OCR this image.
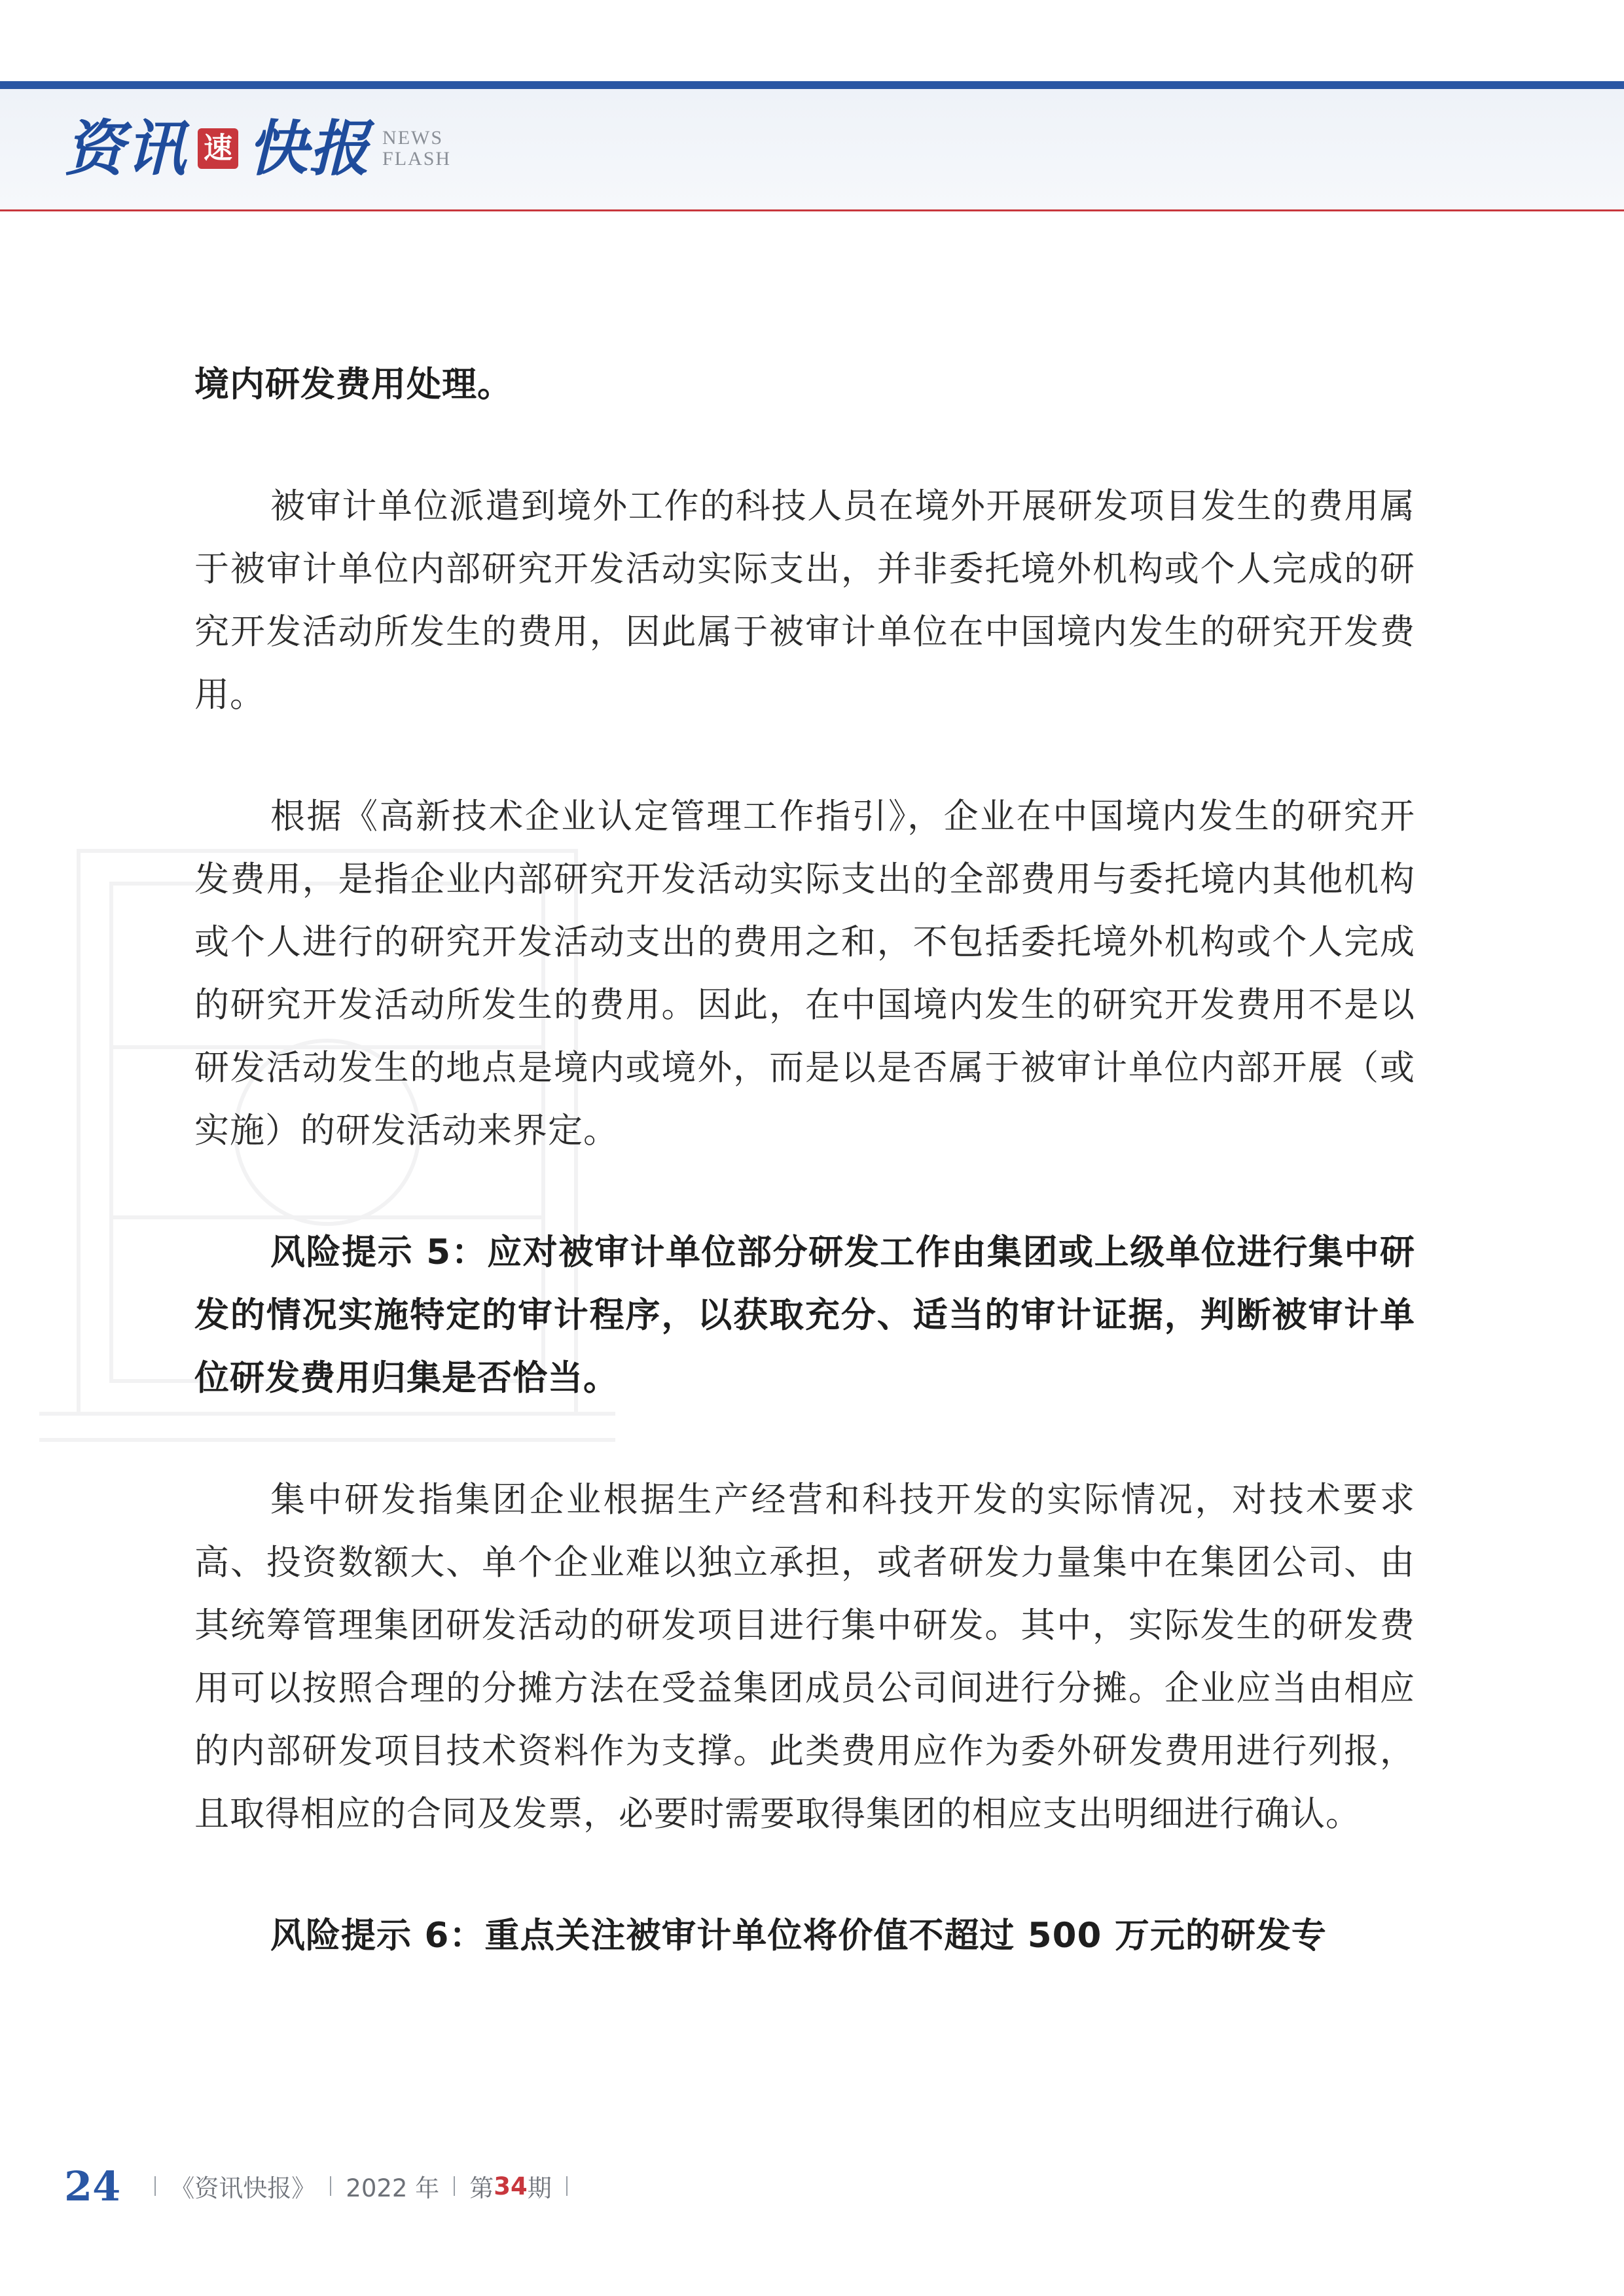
资讯 速 快报 NEWS
FLASH

境内研发费用处理。

被审计单位派遣到境外工作的科技人员在境外开展研发项目发生的费用属于被审计单位内部研究开发活动实际支出，并非委托境外机构或个人完成的研究开发活动所发生的费用，因此属于被审计单位在中国境内发生的研究开发费用。

根据《高新技术企业认定管理工作指引》，企业在中国境内发生的研究开发费用，是指企业内部研究开发活动实际支出的全部费用与委托境内其他机构或个人进行的研究开发活动支出的费用之和，不包括委托境外机构或个人完成的研究开发活动所发生的费用。因此，在中国境内发生的研究开发费用不是以研发活动发生的地点是境内或境外，而是以是否属于被审计单位内部开展（或实施）的研发活动来界定。

风险提示 5：应对被审计单位部分研发工作由集团或上级单位进行集中研发的情况实施特定的审计程序，以获取充分、适当的审计证据，判断被审计单位研发费用归集是否恰当。

集中研发指集团企业根据生产经营和科技开发的实际情况，对技术要求高、投资数额大、单个企业难以独立承担，或者研发力量集中在集团公司、由其统筹管理集团研发活动的研发项目进行集中研发。其中，实际发生的研发费用可以按照合理的分摊方法在受益集团成员公司间进行分摊。企业应当由相应的内部研发项目技术资料作为支撑。此类费用应作为委外研发费用进行列报，且取得相应的合同及发票，必要时需要取得集团的相应支出明细进行确认。

风险提示 6：重点关注被审计单位将价值不超过 500 万元的研发专

24 《资讯快报》 2022 年 第 34 期
